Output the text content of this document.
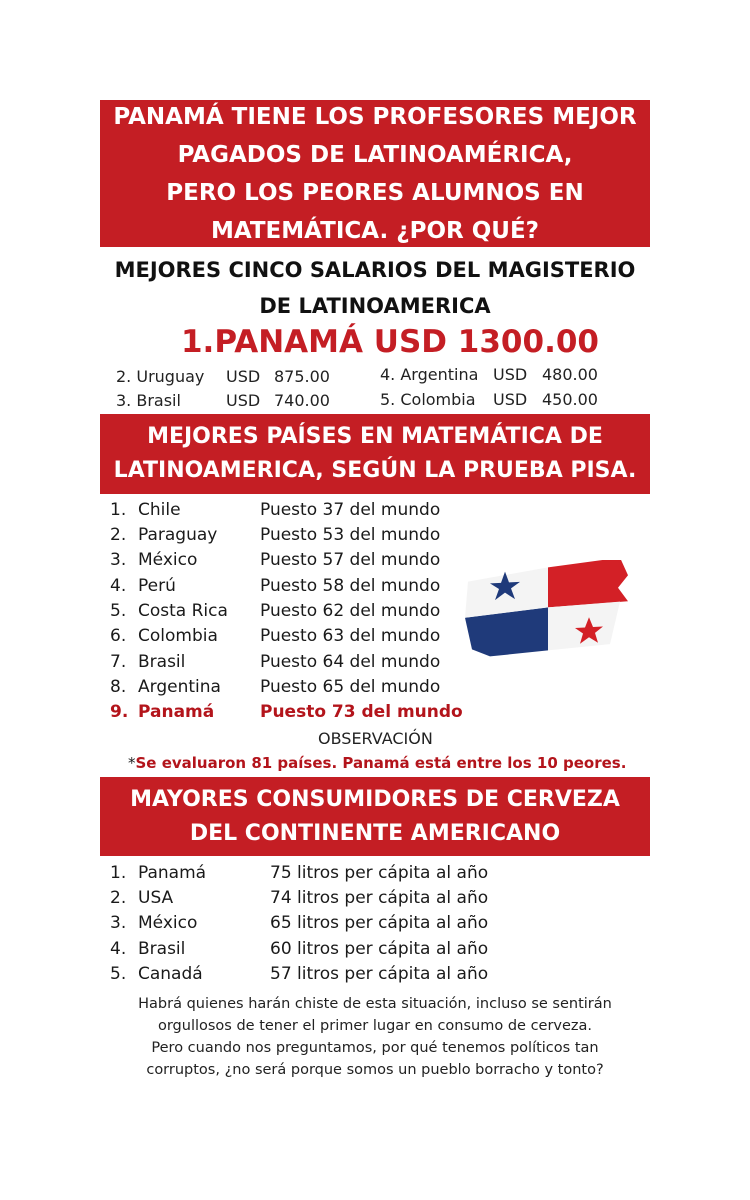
PANAMÁ TIENE LOS PROFESORES MEJOR
PAGADOS DE LATINOAMÉRICA,
PERO LOS PEORES ALUMNOS EN
MATEMÁTICA. ¿POR QUÉ?
MEJORES CINCO SALARIOS DEL MAGISTERIO
DE LATINOAMERICA
1.PANAMÁ USD 1300.00
2. Uruguay USD 875.00
3. Brasil	USD 740.00
4. Argentina USD 480.00
5. Colombia USD 450.00
MEJORES PAÍSES EN MATEMÁTICA DE
LATINOAMERICA, SEGÚN LA PRUEBA PISA.
1. Chile	Puesto 37 del mundo
2. Paraguay	Puesto 53 del mundo
3. México	Puesto 57 del mundo
4. Perú	Puesto 58 del mundo
5. Costa Rica Puesto 62 del mundo
6. Colombia Puesto 63 del mundo
7. Brasil	Puesto 64 del mundo
8. Argentina Puesto 65 del mundo
9. Panamá	Puesto 73 del mundo
OBSERVACIÓN
*Se evaluaron 81 países. Panamá está entre los 10 peores.
MAYORES CONSUMIDORES DE CERVEZA
DEL CONTINENTE AMERICANO
1. Panamá	75 litros per cápita al año
2. USA	74 litros per cápita al año
3. México	65 litros per cápita al año
4. Brasil	60 litros per cápita al año
5. Canadá	57 litros per cápita al año
Habrá quienes harán chiste de esta situación, incluso se sentirán
orgullosos de tener el primer lugar en consumo de cerveza.
Pero cuando nos preguntamos, por qué tenemos políticos tan
corruptos, ¿no será porque somos un pueblo borracho y tonto?
